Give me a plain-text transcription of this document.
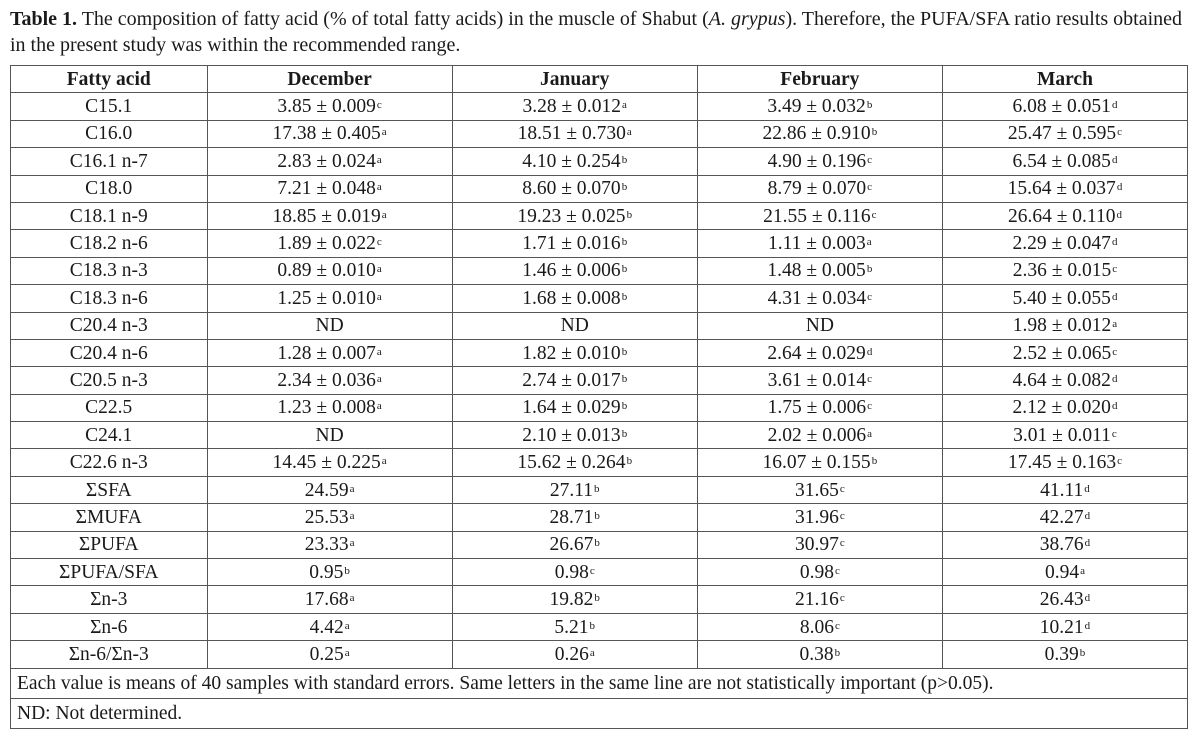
Table 1. The composition of fatty acid (% of total fatty acids) in the muscle of Shabut (A. grypus). Therefore, the PUFA/SFA ratio results obtained in the present study was within the recommended range.
Fatty acid	December	January	February	March
C15.1	3.85 ± 0.009$^c$	3.28 ± 0.012$^a$	3.49 ± 0.032$^b$	6.08 ± 0.051$^d$
C16.0	17.38 ± 0.405$^a$	18.51 ± 0.730$^a$	22.86 ± 0.910$^b$	25.47 ± 0.595$^c$
C16.1 n-7	2.83 ± 0.024$^a$	4.10 ± 0.254$^b$	4.90 ± 0.196$^c$	6.54 ± 0.085$^d$
C18.0	7.21 ± 0.048$^a$	8.60 ± 0.070$^b$	8.79 ± 0.070$^c$	15.64 ± 0.037$^d$
C18.1 n-9	18.85 ± 0.019$^a$	19.23 ± 0.025$^b$	21.55 ± 0.116$^c$	26.64 ± 0.110$^d$
C18.2 n-6	1.89 ± 0.022$^c$	1.71 ± 0.016$^b$	1.11 ± 0.003$^a$	2.29 ± 0.047$^d$
C18.3 n-3	0.89 ± 0.010$^a$	1.46 ± 0.006$^b$	1.48 ± 0.005$^b$	2.36 ± 0.015$^c$
C18.3 n-6	1.25 ± 0.010$^a$	1.68 ± 0.008$^b$	4.31 ± 0.034$^c$	5.40 ± 0.055$^d$
C20.4 n-3	ND	ND	ND	1.98 ± 0.012$^a$
C20.4 n-6	1.28 ± 0.007$^a$	1.82 ± 0.010$^b$	2.64 ± 0.029$^d$	2.52 ± 0.065$^c$
C20.5 n-3	2.34 ± 0.036$^a$	2.74 ± 0.017$^b$	3.61 ± 0.014$^c$	4.64 ± 0.082$^d$
C22.5	1.23 ± 0.008$^a$	1.64 ± 0.029$^b$	1.75 ± 0.006$^c$	2.12 ± 0.020$^d$
C24.1	ND	2.10 ± 0.013$^b$	2.02 ± 0.006$^a$	3.01 ± 0.011$^c$
C22.6 n-3	14.45 ± 0.225$^a$	15.62 ± 0.264$^b$	16.07 ± 0.155$^b$	17.45 ± 0.163$^c$
ΣSFA	24.59$^a$	27.11$^b$	31.65$^c$	41.11$^d$
ΣMUFA	25.53$^a$	28.71$^b$	31.96$^c$	42.27$^d$
ΣPUFA	23.33$^a$	26.67$^b$	30.97$^c$	38.76$^d$
ΣPUFA/SFA	0.95$^b$	0.98$^c$	0.98$^c$	0.94$^a$
Σn-3	17.68$^a$	19.82$^b$	21.16$^c$	26.43$^d$
Σn-6	4.42$^a$	5.21$^b$	8.06$^c$	10.21$^d$
Σn-6/Σn-3	0.25$^a$	0.26$^a$	0.38$^b$	0.39$^b$
Each value is means of 40 samples with standard errors. Same letters in the same line are not statistically important (p>0.05).				
ND: Not determined.				
